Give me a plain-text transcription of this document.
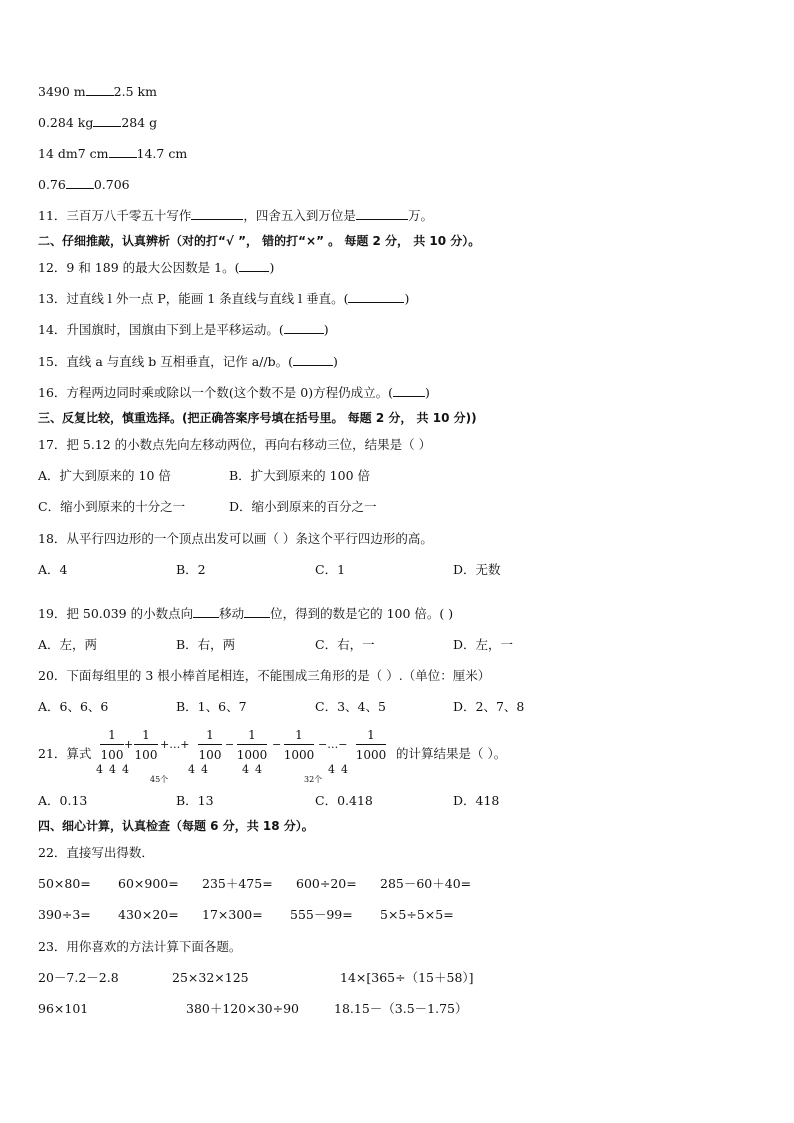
3490 m 2.5 km
0.284 kg 284 g
14 dm7 cm 14.7 cm
0.76 0.706
11．三百万八千零五十写作	，四舍五入到万位是	万。
二、仔细推敲，认真辨析（对的打“√ ”， 错的打“×” 。 每题 2 分， 共 10 分）。
12．9 和 189 的最大公因数是 1。( )
13．过直线 l 外一点 P，能画 1 条直线与直线 l 垂直。(	)
14．升国旗时，国旗由下到上是平移运动。(	)
15．直线 a 与直线 b 互相垂直，记作 a//b。(	)
16．方程两边同时乘或除以一个数(这个数不是 0)方程仍成立。(	)
三、反复比较，慎重选择。(把正确答案序号填在括号里。 每题 2 分， 共 10 分))
17．把 5.12 的小数点先向左移动两位，再向右移动三位，结果是（ ）
A．扩大到原来的 10 倍	B．扩大到原来的 100 倍
C．缩小到原来的十分之一	D．缩小到原来的百分之一
18．从平行四边形的一个顶点出发可以画（ ）条这个平行四边形的高。
A．4	B．2	C．1	D．无数
19．把 50.039 的小数点向 移动 位，得到的数是它的 100 倍。( )
A．左，两	B．右，两	C．右，一	D．左，一
20．下面每组里的 3 根小棒首尾相连，不能围成三角形的是（ ）.（单位：厘米）
A．6、6、6	B．1、6、7	C．3、4、5	D．2、7、8
21．算式
1
100
+
1
100
+…+
1
100
−
444	44
45个
1
1000
−
1
1000
−…−
1
1000
44	44
32个
的计算结果是（ ）。
A．0.13	B．13	C．0.418	D．418
四、细心计算，认真检查（每题 6 分，共 18 分）。
22．直接写出得数．
50×80= 60×900= 235＋475= 600÷20= 285－60＋40=
390÷3= 430×20= 17×300= 555－99= 5×5÷5×5=
23．用你喜欢的方法计算下面各题。
20－7.2－2.8	25×32×125	14×[365÷（15＋58）]
96×101	380＋120×30÷90	18.15－（3.5－1.75）
